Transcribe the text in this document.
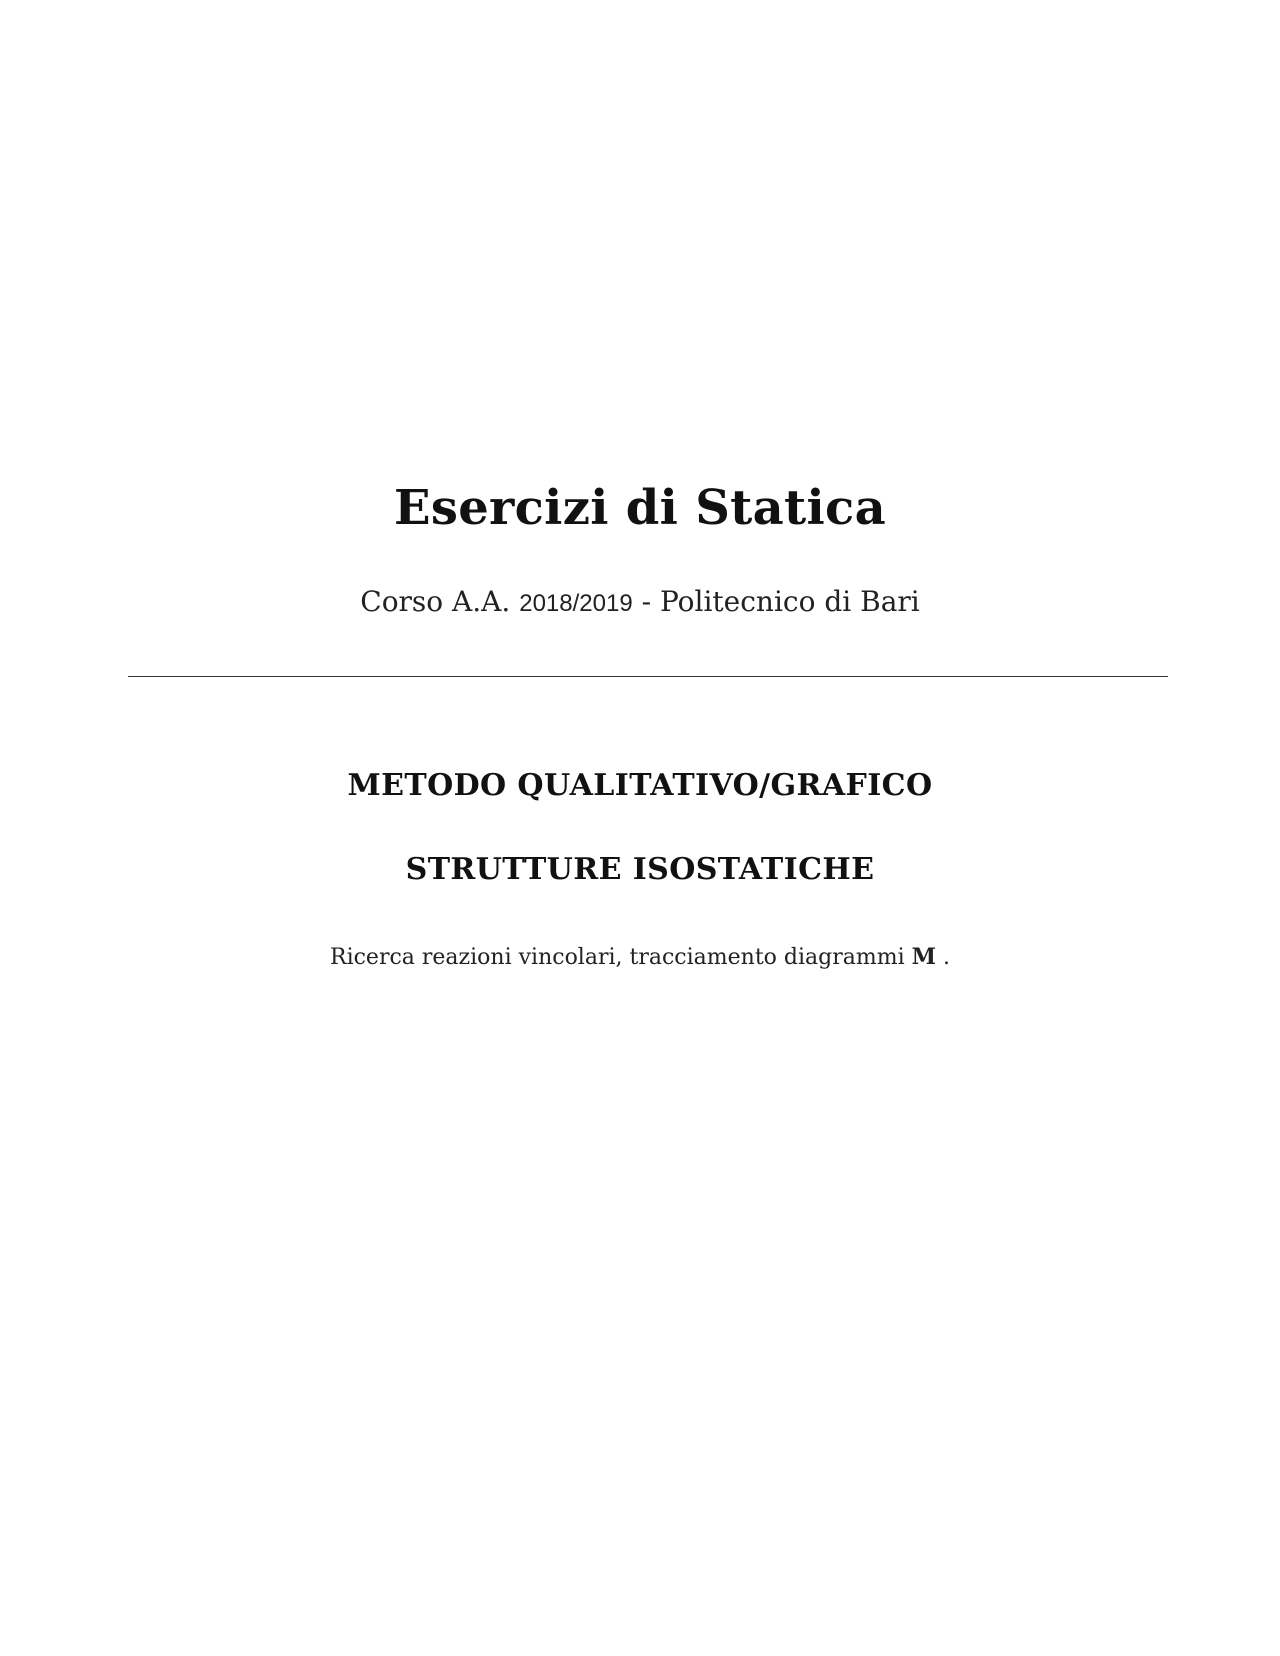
Esercizi di Statica
Corso A.A. 2018/2019 - Politecnico di Bari
METODO QUALITATIVO/GRAFICO
STRUTTURE ISOSTATICHE
Ricerca reazioni vincolari, tracciamento diagrammi M .
